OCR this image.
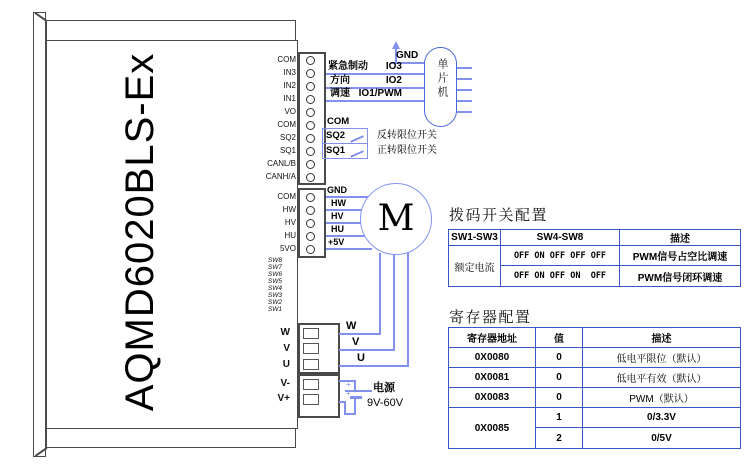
AQMD6020BLS-Ex	COM
IN3
IN2
IN1
VO
COM
SQ2
SQ1
CANL/B
CANH/A
COM
HW
HV
HU
5VO
SW8
SW7
SW6
SW5
SW4
SW3
SW2
SW1
W
V
U
V-
V+
紧急制动
方向
调速
IO3
IO2
IO1/PWM
GND
单片机
COM
SQ2
SQ1
反转限位开关
正转限位开关
GND
HW
HV
HU
+5V
W
V
U
M
+
+ 电源
9V-60V
拨码开关配置
SW1-SW3	SW4-SW8	描述
额定电流	OFF ON OFF OFF OFF	PWM信号占空比调速
	OFF ON OFF ON  OFF	PWM信号闭环调速
寄存器配置
寄存器地址	值	描述
0X0080	0	低电平限位（默认）
0X0081	0	低电平有效（默认）
0X0083	0	PWM（默认）
0X0085	1	0/3.3V
	2	0/5V
